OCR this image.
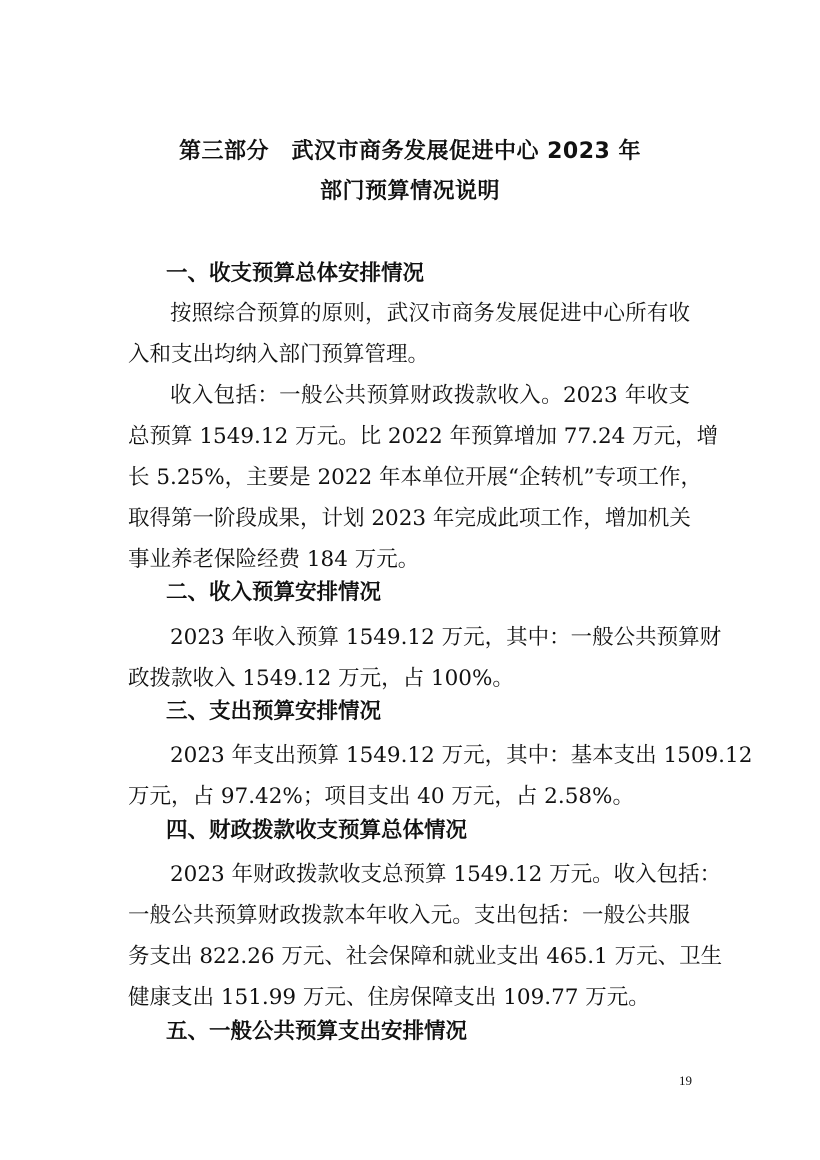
第三部分　武汉市商务发展促进中心 2023 年
部门预算情况说明
一、收支预算总体安排情况
按照综合预算的原则，武汉市商务发展促进中心所有收
入和支出均纳入部门预算管理。
收入包括：一般公共预算财政拨款收入。2023 年收支
总预算 1549.12 万元。比 2022 年预算增加 77.24 万元，增
长 5.25%，主要是 2022 年本单位开展“企转机”专项工作，
取得第一阶段成果，计划 2023 年完成此项工作，增加机关
事业养老保险经费 184 万元。
二、收入预算安排情况
2023 年收入预算 1549.12 万元，其中：一般公共预算财
政拨款收入 1549.12 万元，占 100%。
三、支出预算安排情况
2023 年支出预算 1549.12 万元，其中：基本支出 1509.12
万元，占 97.42%；项目支出 40 万元，占 2.58%。
四、财政拨款收支预算总体情况
2023 年财政拨款收支总预算 1549.12 万元。收入包括：
一般公共预算财政拨款本年收入元。支出包括：一般公共服
务支出 822.26 万元、社会保障和就业支出 465.1 万元、卫生
健康支出 151.99 万元、住房保障支出 109.77 万元。
五、一般公共预算支出安排情况
19
